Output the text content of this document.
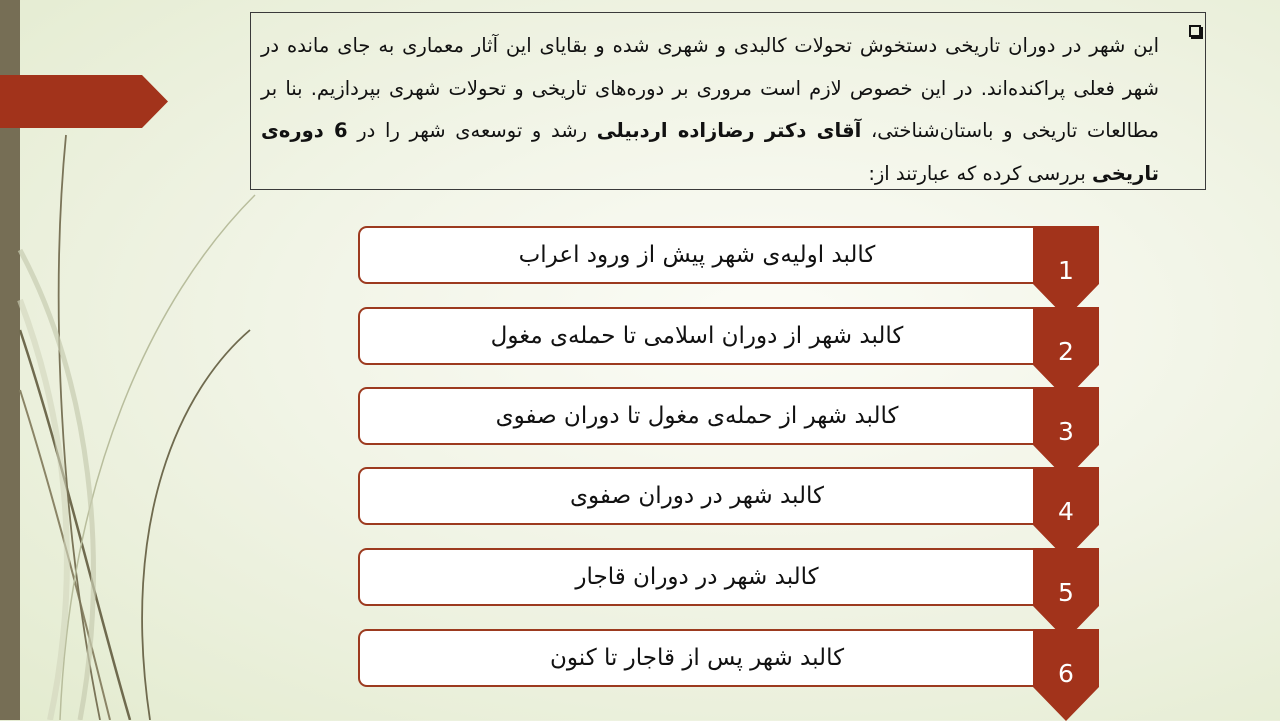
این شهر در دوران تاریخی دستخوش تحولات کالبدی و شهری شده و بقایای این آثار معماری به جای مانده در شهر فعلی پراکنده‌اند. در این خصوص لازم است مروری بر دوره‌های تاریخی و تحولات شهری بپردازیم. بنا بر مطالعات تاریخی و باستان‌شناختی، آقای دکتر رضازاده اردبیلی رشد و توسعه‌ی شهر را در 6 دوره‌ی تاریخی بررسی کرده که عبارتند از:

کالبد اولیه‌ی شهر پیش از ورود اعراب
1
کالبد شهر از دوران اسلامی تا حمله‌ی مغول
2
کالبد شهر از حمله‌ی مغول تا دوران صفوی
3
کالبد شهر در دوران صفوی
4
کالبد شهر در دوران قاجار
5
کالبد شهر پس از قاجار تا کنون
6
